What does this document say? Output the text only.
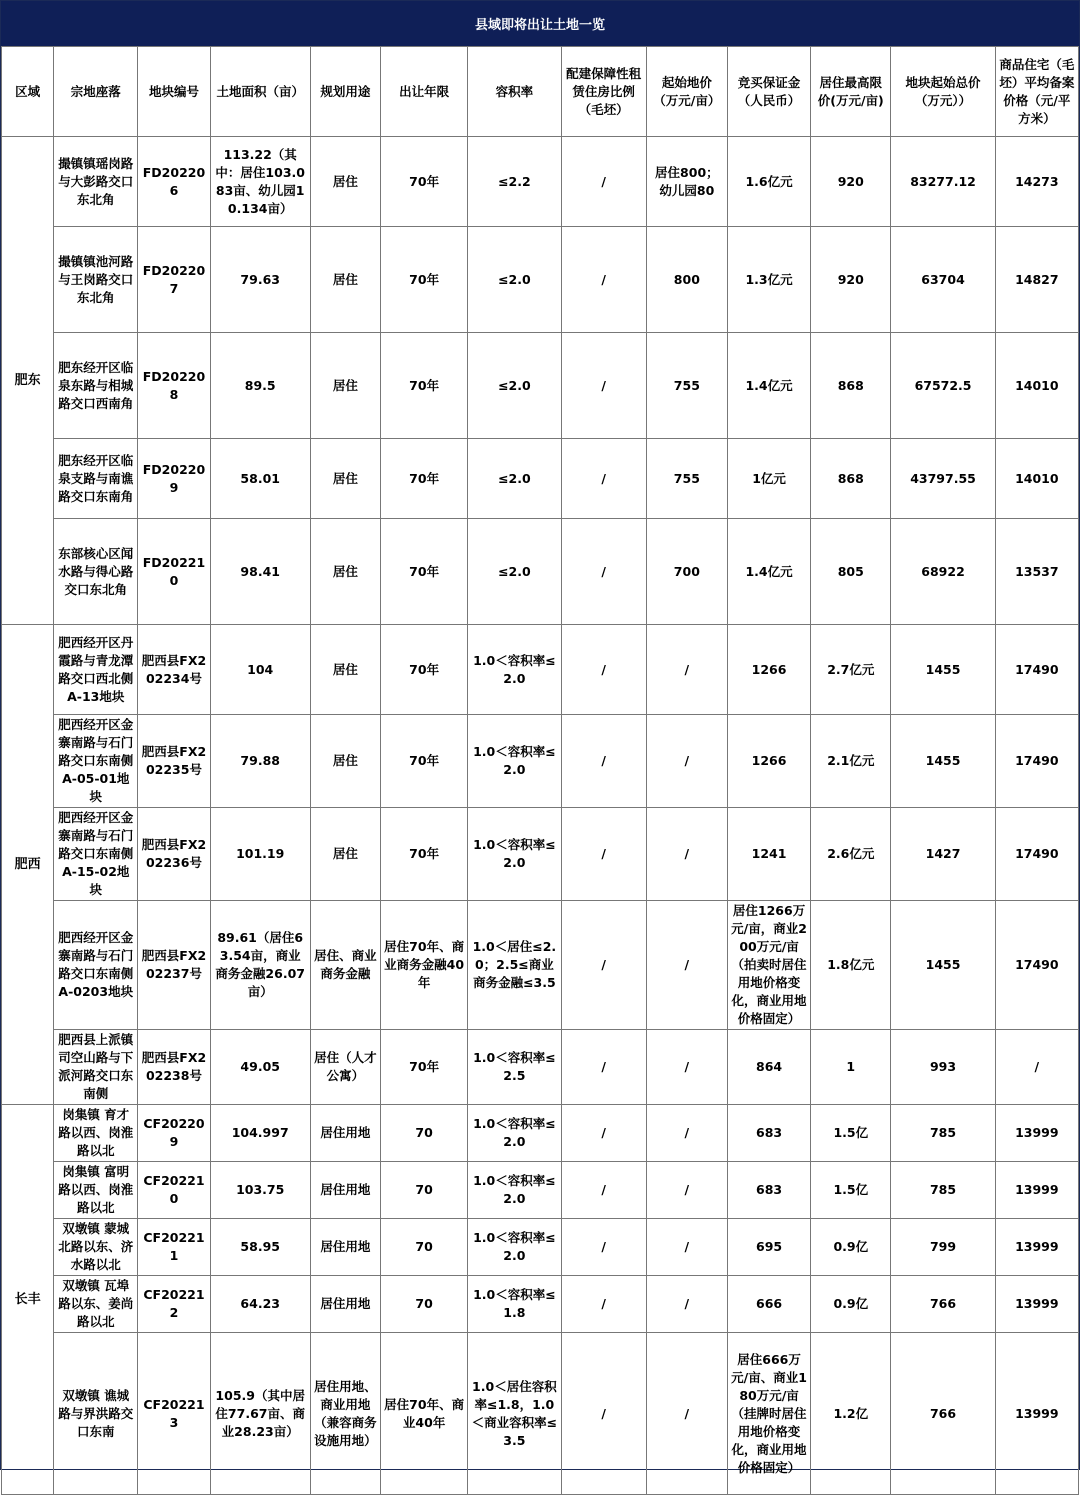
县域即将出让土地一览
区域	宗地座落	地块编号	土地面积（亩）	规划用途	出让年限	容积率	配建保障性租赁住房比例（毛坯）	起始地价（万元/亩）	竞买保证金（人民币）	居住最高限价(万元/亩)	地块起始总价（万元））	商品住宅（毛坯）平均备案价格（元/平方米）
肥东	撮镇镇瑶岗路与大彭路交口东北角	FD202206	113.22（其中：居住103.083亩、幼儿园10.134亩）	居住	70年	≤2.2	/	居住800；幼儿园80	1.6亿元	920	83277.12	14273
	撮镇镇池河路与王岗路交口东北角	FD202207	79.63	居住	70年	≤2.0	/	800	1.3亿元	920	63704	14827
	肥东经开区临泉东路与相城路交口西南角	FD202208	89.5	居住	70年	≤2.0	/	755	1.4亿元	868	67572.5	14010
	肥东经开区临泉支路与南谯路交口东南角	FD202209	58.01	居住	70年	≤2.0	/	755	1亿元	868	43797.55	14010
	东部核心区闻水路与得心路交口东北角	FD202210	98.41	居住	70年	≤2.0	/	700	1.4亿元	805	68922	13537
肥西	肥西经开区丹霞路与青龙潭路交口西北侧A-13地块	肥西县FX202234号	104	居住	70年	1.0＜容积率≤2.0	/	/	1266	2.7亿元	1455	17490
	肥西经开区金寨南路与石门路交口东南侧A-05-01地块	肥西县FX202235号	79.88	居住	70年	1.0＜容积率≤2.0	/	/	1266	2.1亿元	1455	17490
	肥西经开区金寨南路与石门路交口东南侧A-15-02地块	肥西县FX202236号	101.19	居住	70年	1.0＜容积率≤2.0	/	/	1241	2.6亿元	1427	17490
	肥西经开区金寨南路与石门路交口东南侧A-0203地块	肥西县FX202237号	89.61（居住63.54亩，商业商务金融26.07亩）	居住、商业商务金融	居住70年、商业商务金融40年	1.0＜居住≤2.0；2.5≤商业商务金融≤3.5	/	/	居住1266万元/亩，商业200万元/亩（拍卖时居住用地价格变化，商业用地价格固定）	1.8亿元	1455	17490
	肥西县上派镇司空山路与下派河路交口东南侧	肥西县FX202238号	49.05	居住（人才公寓）	70年	1.0＜容积率≤2.5	/	/	864	1	993	/
长丰	岗集镇 育才路以西、岗淮路以北	CF202209	104.997	居住用地	70	1.0＜容积率≤2.0	/	/	683	1.5亿	785	13999
	岗集镇 富明路以西、岗淮路以北	CF202210	103.75	居住用地	70	1.0＜容积率≤2.0	/	/	683	1.5亿	785	13999
	双墩镇 蒙城北路以东、济水路以北	CF202211	58.95	居住用地	70	1.0＜容积率≤2.0	/	/	695	0.9亿	799	13999
	双墩镇 瓦埠路以东、姜尚路以北	CF202212	64.23	居住用地	70	1.0＜容积率≤1.8	/	/	666	0.9亿	766	13999
	双墩镇 谯城路与界洪路交口东南	CF202213	105.9（其中居住77.67亩、商业28.23亩）	居住用地、商业用地（兼容商务设施用地）	居住70年、商业40年	1.0＜居住容积率≤1.8，1.0＜商业容积率≤3.5	/	/	居住666万元/亩、商业180万元/亩（挂牌时居住用地价格变化，商业用地价格固定）	1.2亿	766	13999
